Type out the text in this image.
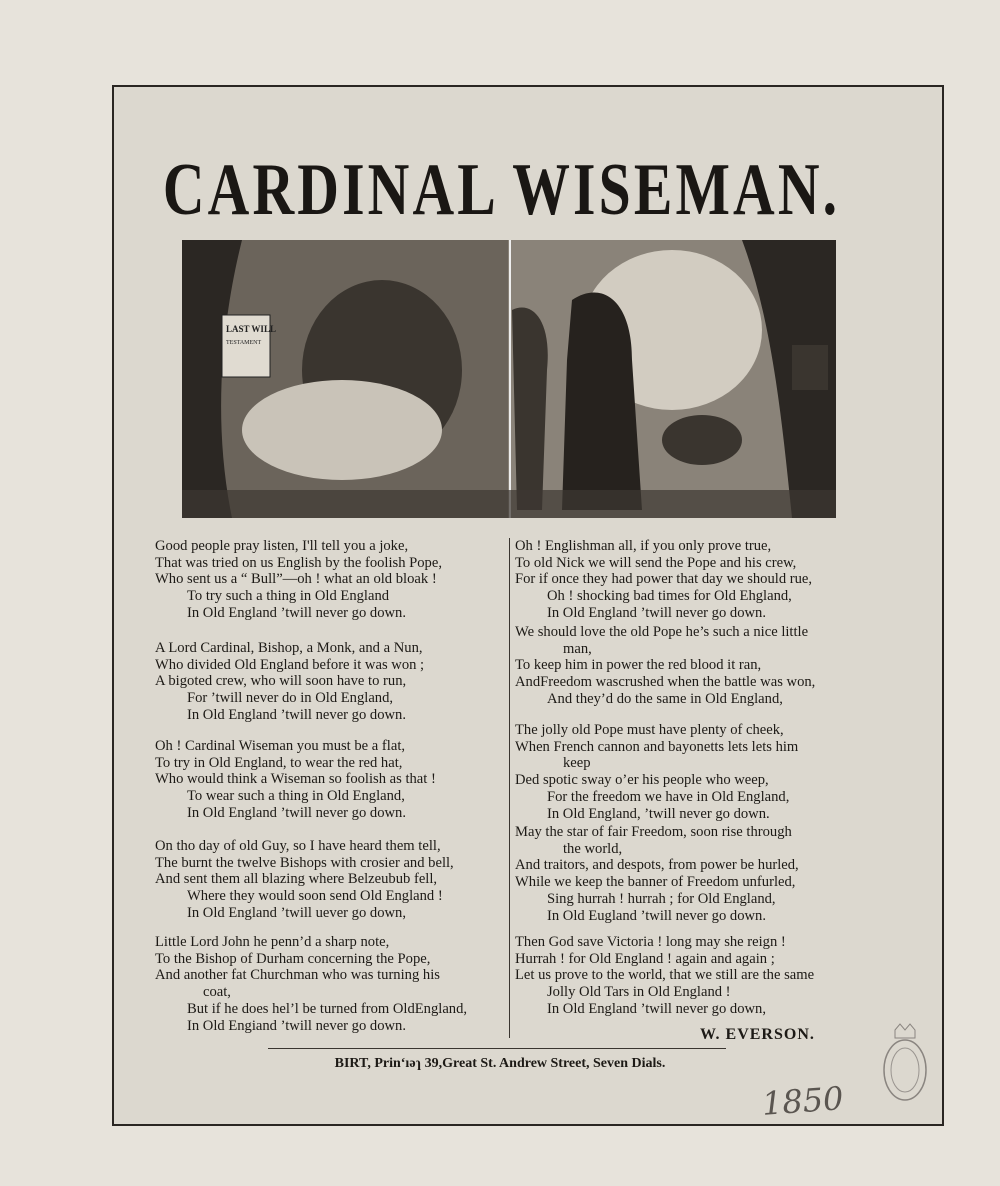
CARDINAL WISEMAN.
LAST WILL
TESTAMENT
Good people pray listen, I'll tell you a joke,
That was tried on us English by the foolish Pope,
Who sent us a “ Bull”—oh ! what an old bloak !
To try such a thing in Old England
In Old England ’twill never go down.
A Lord Cardinal, Bishop, a Monk, and a Nun,
Who divided Old England before it was won ;
A bigoted crew, who will soon have to run,
For ’twill never do in Old England,
In Old England ’twill never go down.
Oh ! Cardinal Wiseman you must be a flat,
To try in Old England, to wear the red hat,
Who would think a Wiseman so foolish as that !
To wear such a thing in Old England,
In Old England ’twill never go down.
On tho day of old Guy, so I have heard them tell,
The burnt the twelve Bishops with crosier and bell,
And sent them all blazing where Belzeubub fell,
Where they would soon send Old England !
In Old England ’twill uever go down,
Little Lord John he penn’d a sharp note,
To the Bishop of Durham concerning the Pope,
And another fat Churchman who was turning his
coat,
But if he does hel’l be turned from OldEngland,
In Old Engiand ’twill never go down.
Oh ! Englishman all, if you only prove true,
To old Nick we will send the Pope and his crew,
For if once they had power that day we should rue,
Oh ! shocking bad times for Old Ehgland,
In Old England ’twill never go down.
We should love the old Pope he’s such a nice little
man,
To keep him in power the red blood it ran,
AndFreedom wascrushed when the battle was won,
And they’d do the same in Old England,
The jolly old Pope must have plenty of cheek,
When French cannon and bayonetts lets lets him
keep
Ded spotic sway o’er his people who weep,
For the freedom we have in Old England,
In Old England, ’twill never go down.
May the star of fair Freedom, soon rise through
the world,
And traitors, and despots, from power be hurled,
While we keep the banner of Freedom unfurled,
Sing hurrah ! hurrah ; for Old England,
In Old Eugland ’twill never go down.
Then God save Victoria ! long may she reign !
Hurrah ! for Old England ! again and again ;
Let us prove to the world, that we still are the same
Jolly Old Tars in Old England !
In Old England ’twill never go down,
W. EVERSON.
BIRT, Prin‘ıəɿ 39,Great St. Andrew Street, Seven Dials.
1850
